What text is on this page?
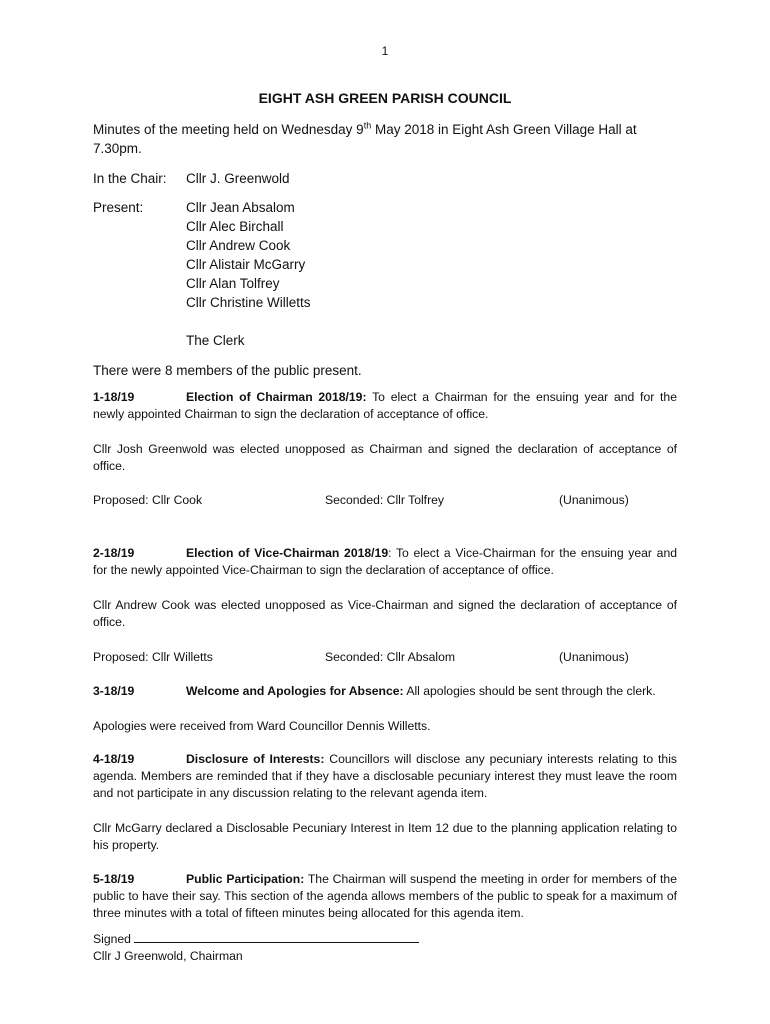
1
EIGHT ASH GREEN PARISH COUNCIL
Minutes of the meeting held on Wednesday 9th May 2018 in Eight Ash Green Village Hall at 7.30pm.
In the Chair:	Cllr J. Greenwold
Present:	Cllr Jean Absalom
Cllr Alec Birchall
Cllr Andrew Cook
Cllr Alistair McGarry
Cllr Alan Tolfrey
Cllr Christine Willetts
The Clerk
There were 8 members of the public present.
1-18/19	Election of Chairman 2018/19: To elect a Chairman for the ensuing year and for the newly appointed Chairman to sign the declaration of acceptance of office.
Cllr Josh Greenwold was elected unopposed as Chairman and signed the declaration of acceptance of office.
Proposed: Cllr Cook	Seconded: Cllr Tolfrey	(Unanimous)
2-18/19	Election of Vice-Chairman 2018/19: To elect a Vice-Chairman for the ensuing year and for the newly appointed Vice-Chairman to sign the declaration of acceptance of office.
Cllr Andrew Cook was elected unopposed as Vice-Chairman and signed the declaration of acceptance of office.
Proposed: Cllr Willetts	Seconded: Cllr Absalom	(Unanimous)
3-18/19	Welcome and Apologies for Absence: All apologies should be sent through the clerk.
Apologies were received from Ward Councillor Dennis Willetts.
4-18/19	Disclosure of Interests: Councillors will disclose any pecuniary interests relating to this agenda. Members are reminded that if they have a disclosable pecuniary interest they must leave the room and not participate in any discussion relating to the relevant agenda item.
Cllr McGarry declared a Disclosable Pecuniary Interest in Item 12 due to the planning application relating to his property.
5-18/19	Public Participation: The Chairman will suspend the meeting in order for members of the public to have their say. This section of the agenda allows members of the public to speak for a maximum of three minutes with a total of fifteen minutes being allocated for this agenda item.
Signed
Cllr J Greenwold, Chairman
